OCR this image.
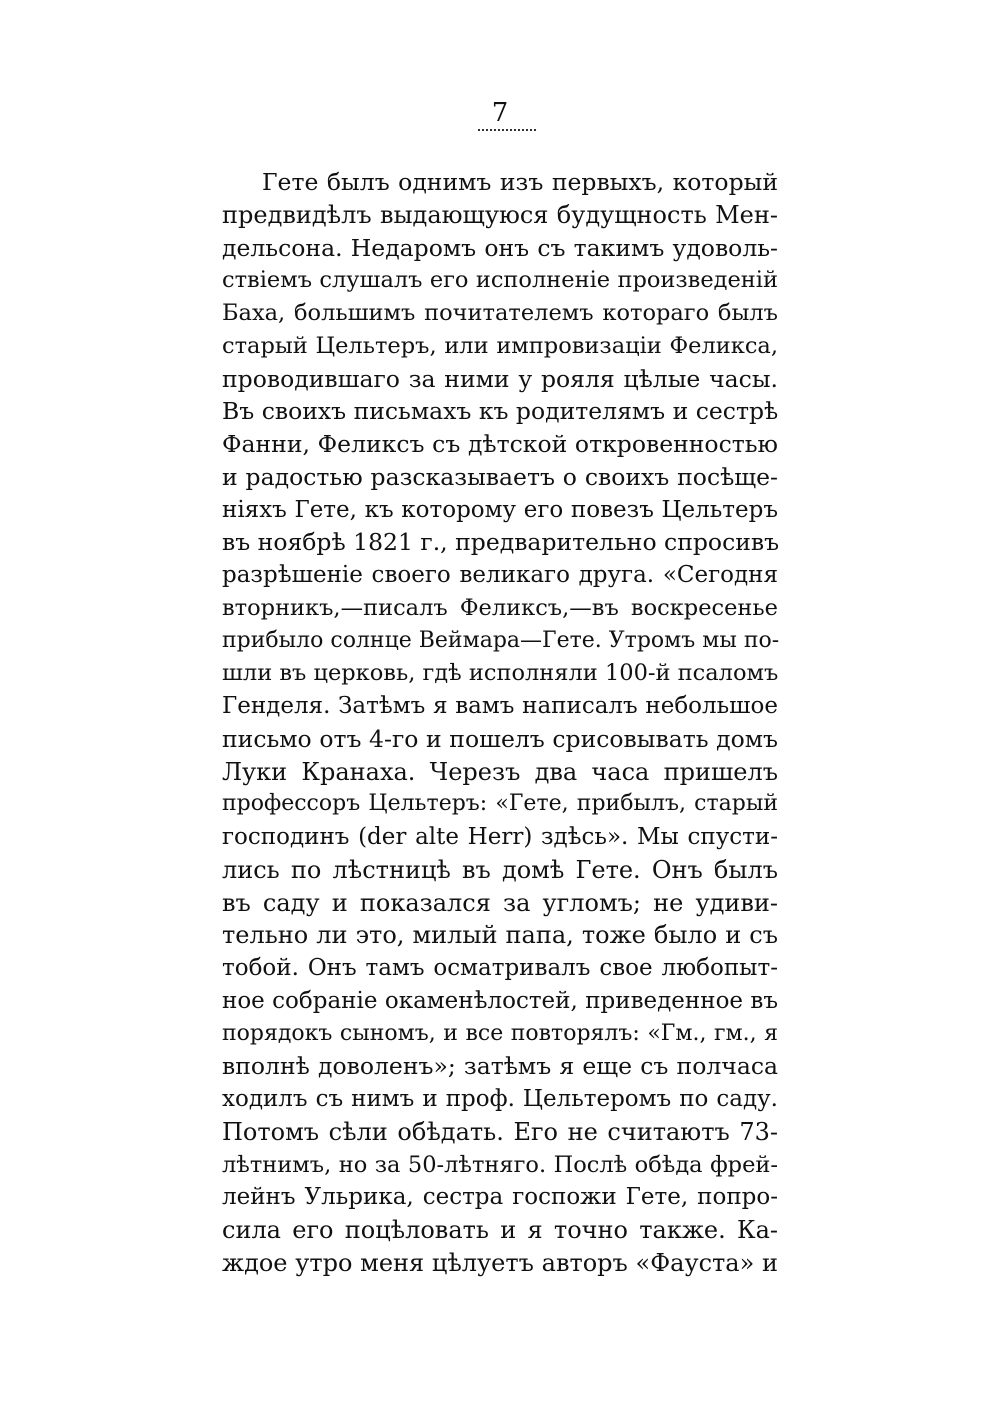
7
Гете былъ однимъ изъ первыхъ, который
предвидѣлъ выдающуюся будущность Мен-
дельсона. Недаромъ онъ съ такимъ удоволь-
ствіемъ слушалъ его исполненіе произведеній
Баха, большимъ почитателемъ котораго былъ
старый Цельтеръ, или импровизаціи Феликса,
проводившаго за ними у рояля цѣлые часы.
Въ своихъ письмахъ къ родителямъ и сестрѣ
Фанни, Феликсъ съ дѣтской откровенностью
и радостью разсказываетъ о своихъ посѣще-
ніяхъ Гете, къ которому его повезъ Цельтеръ
въ ноябрѣ 1821 г., предварительно спросивъ
разрѣшеніе своего великаго друга. «Сегодня
вторникъ,—писалъ Феликсъ,—въ воскресенье
прибыло солнце Веймара—Гете. Утромъ мы по-
шли въ церковь, гдѣ исполняли 100-й псаломъ
Генделя. Затѣмъ я вамъ написалъ небольшое
письмо отъ 4-го и пошелъ срисовывать домъ
Луки Кранаха. Черезъ два часа пришелъ
профессоръ Цельтеръ: «Гете, прибылъ, старый
господинъ (der alte Herr) здѣсь». Мы спусти-
лись по лѣстницѣ въ домѣ Гете. Онъ былъ
въ саду и показался за угломъ; не удиви-
тельно ли это, милый папа, тоже было и съ
тобой. Онъ тамъ осматривалъ свое любопыт-
ное собраніе окаменѣлостей, приведенное въ
порядокъ сыномъ, и все повторялъ: «Гм., гм., я
вполнѣ доволенъ»; затѣмъ я еще съ полчаса
ходилъ съ нимъ и проф. Цельтеромъ по саду.
Потомъ сѣли обѣдать. Его не считаютъ 73-
лѣтнимъ, но за 50-лѣтняго. Послѣ обѣда фрей-
лейнъ Ульрика, сестра госпожи Гете, попро-
сила его поцѣловать и я точно также. Ка-
ждое утро меня цѣлуетъ авторъ «Фауста» и
